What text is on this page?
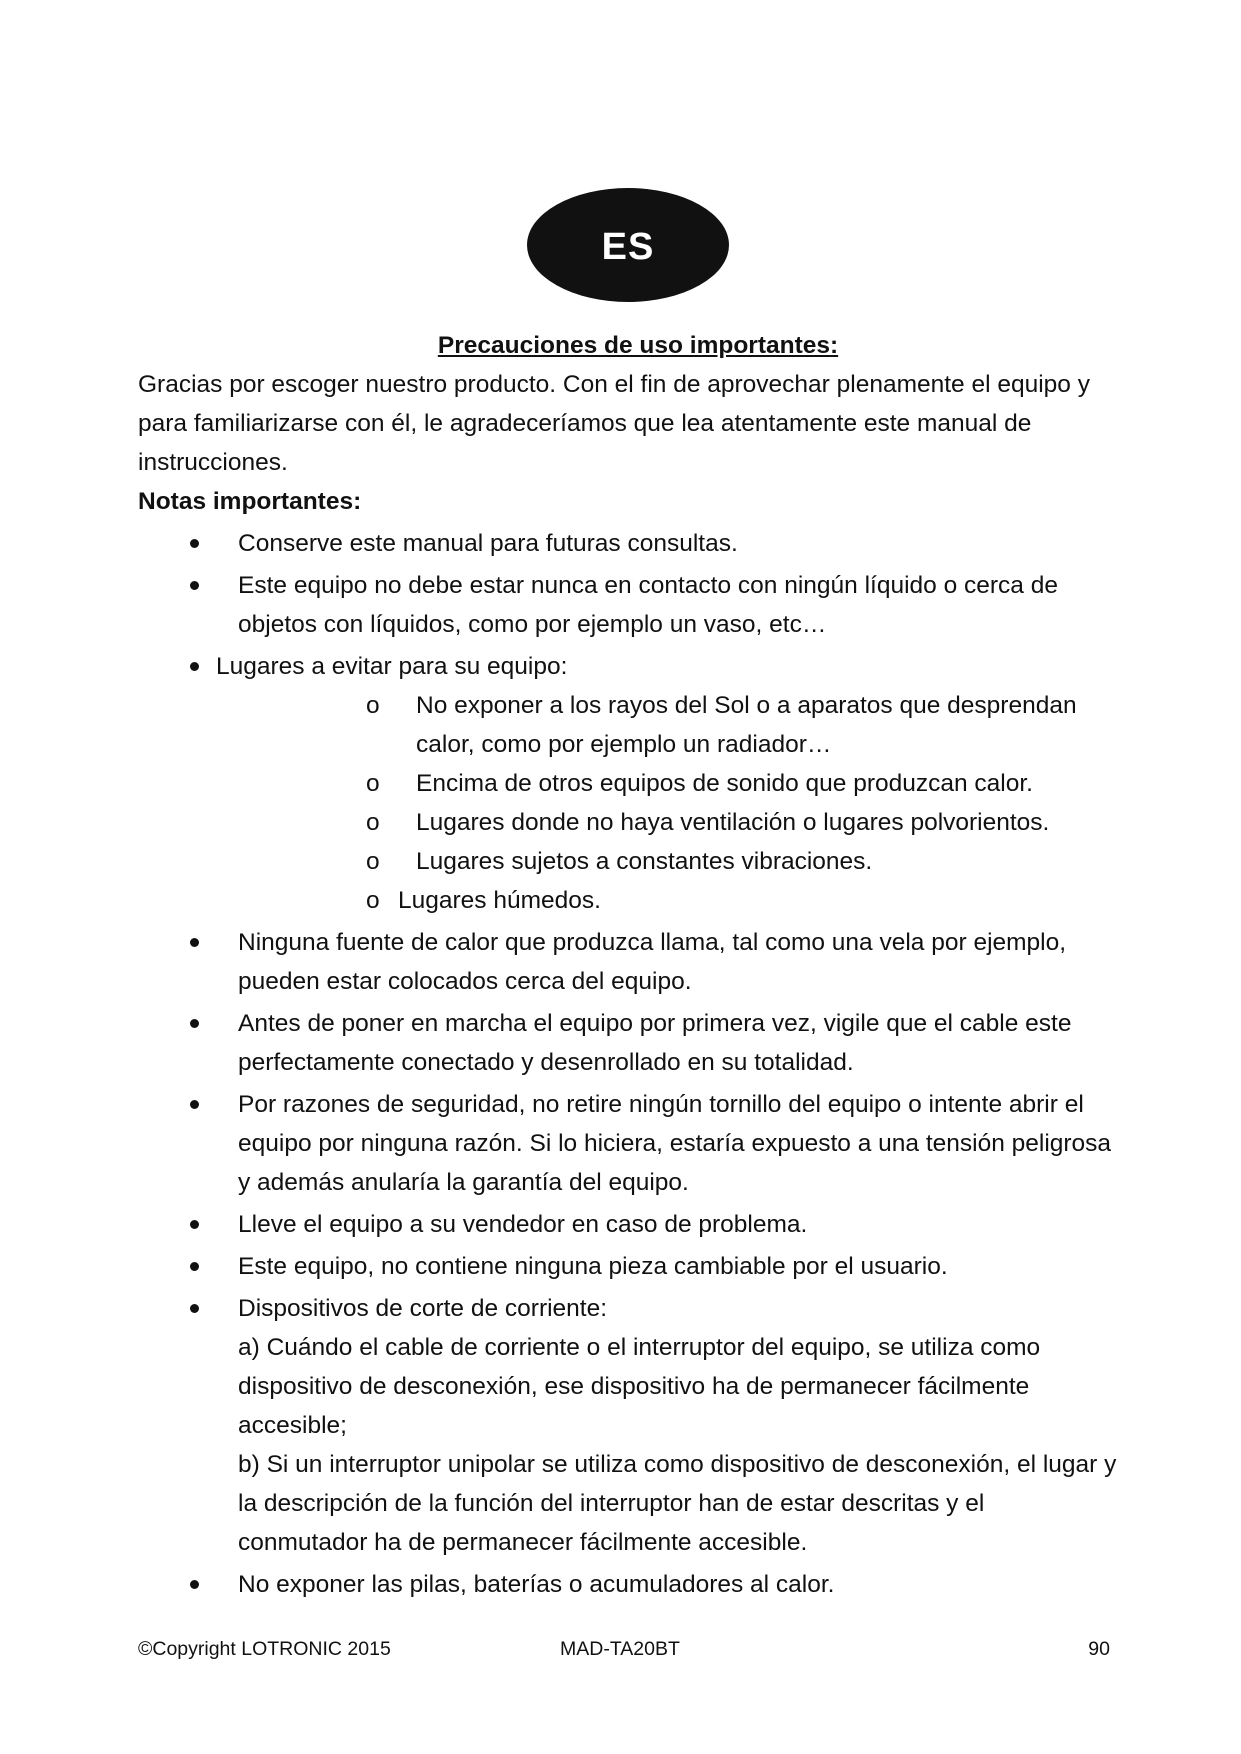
ES

Precauciones de uso importantes:

Gracias por escoger nuestro producto. Con el fin de aprovechar plenamente el equipo y para familiarizarse con él, le agradeceríamos que lea atentamente este manual de instrucciones.

Notas importantes:

Conserve este manual para futuras consultas.
Este equipo no debe estar nunca en contacto con ningún líquido o cerca de objetos con líquidos, como por ejemplo un vaso, etc…
Lugares a evitar para su equipo:
o No exponer a los rayos del Sol o a aparatos que desprendan calor, como por ejemplo un radiador…
o Encima de otros equipos de sonido que produzcan calor.
o Lugares donde no haya ventilación o lugares polvorientos.
o Lugares sujetos a constantes vibraciones.
o Lugares húmedos.
Ninguna fuente de calor que produzca llama, tal como una vela por ejemplo, pueden estar colocados cerca del equipo.
Antes de poner en marcha el equipo por primera vez, vigile que el cable este perfectamente conectado y desenrollado en su totalidad.
Por razones de seguridad, no retire ningún tornillo del equipo o intente abrir el equipo por ninguna razón. Si lo hiciera, estaría expuesto a una tensión peligrosa y además anularía la garantía del equipo.
Lleve el equipo a su vendedor en caso de problema.
Este equipo, no contiene ninguna pieza cambiable por el usuario.
Dispositivos de corte de corriente:
a) Cuándo el cable de corriente o el interruptor del equipo, se utiliza como dispositivo de desconexión, ese dispositivo ha de permanecer fácilmente accesible;
b) Si un interruptor unipolar se utiliza como dispositivo de desconexión, el lugar y la descripción de la función del interruptor han de estar descritas y el conmutador ha de permanecer fácilmente accesible.
No exponer las pilas, baterías o acumuladores al calor.
©Copyright LOTRONIC 2015	MAD-TA20BT	90
